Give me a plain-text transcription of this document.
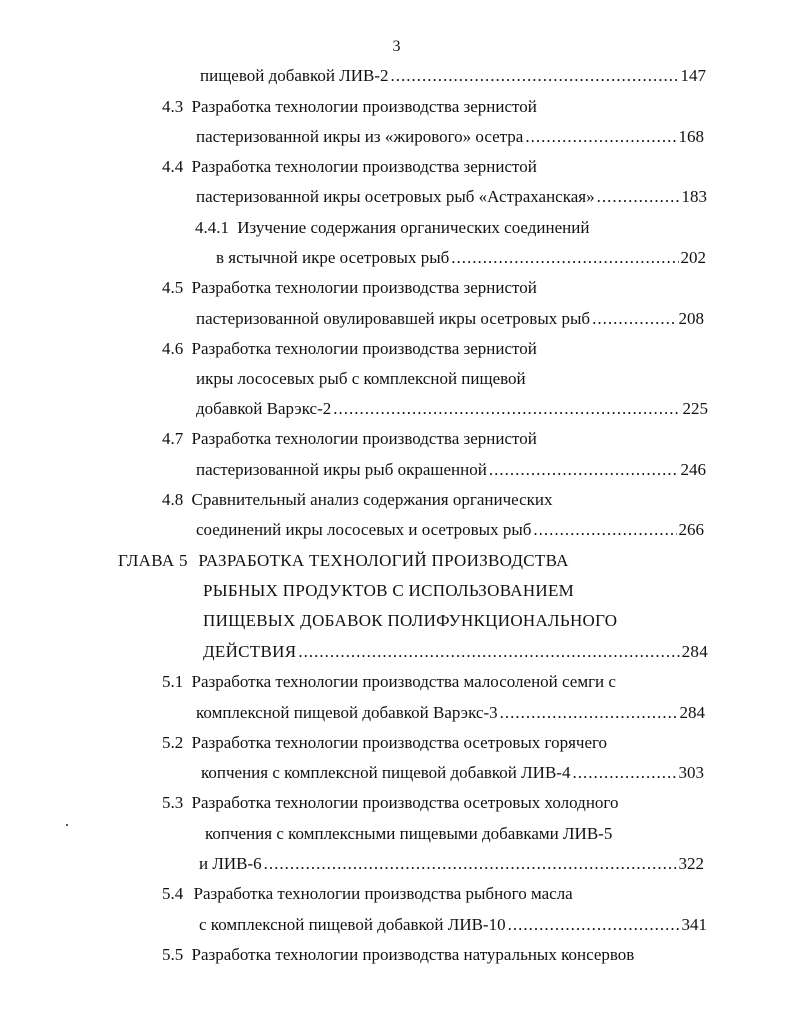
3
пищевой добавкой ЛИВ-2 .....	147
4.3 Разработка технологии производства зернистой
пастеризованной икры из «жирового» осетра .....	168
4.4 Разработка технологии производства зернистой
пастеризованной икры осетровых рыб «Астраханская» .....	183
4.4.1 Изучение содержания органических соединений
в ястычной икре осетровых рыб .....	202
4.5 Разработка технологии производства зернистой
пастеризованной овулировавшей икры осетровых рыб .....	208
4.6 Разработка технологии производства зернистой
икры лососевых рыб с комплексной пищевой
добавкой Варэкс-2 .....	225
4.7 Разработка технологии производства зернистой
пастеризованной икры рыб окрашенной .....	246
4.8 Сравнительный анализ содержания органических
соединений икры лососевых и осетровых рыб .....	266
ГЛАВА 5 РАЗРАБОТКА ТЕХНОЛОГИЙ ПРОИЗВОДСТВА
РЫБНЫХ ПРОДУКТОВ С ИСПОЛЬЗОВАНИЕМ
ПИЩЕВЫХ ДОБАВОК ПОЛИФУНКЦИОНАЛЬНОГО
ДЕЙСТВИЯ .....	284
5.1 Разработка технологии производства малосоленой семги с
комплексной пищевой добавкой Варэкс-3 .....	284
5.2 Разработка технологии производства осетровых горячего
копчения с комплексной пищевой добавкой ЛИВ-4 .....	303
5.3 Разработка технологии производства осетровых холодного
копчения с комплексными пищевыми добавками ЛИВ-5
и ЛИВ-6 .....	322
5.4 Разработка технологии производства рыбного масла
с комплексной пищевой добавкой ЛИВ-10 .....	341
5.5 Разработка технологии производства натуральных консервов
